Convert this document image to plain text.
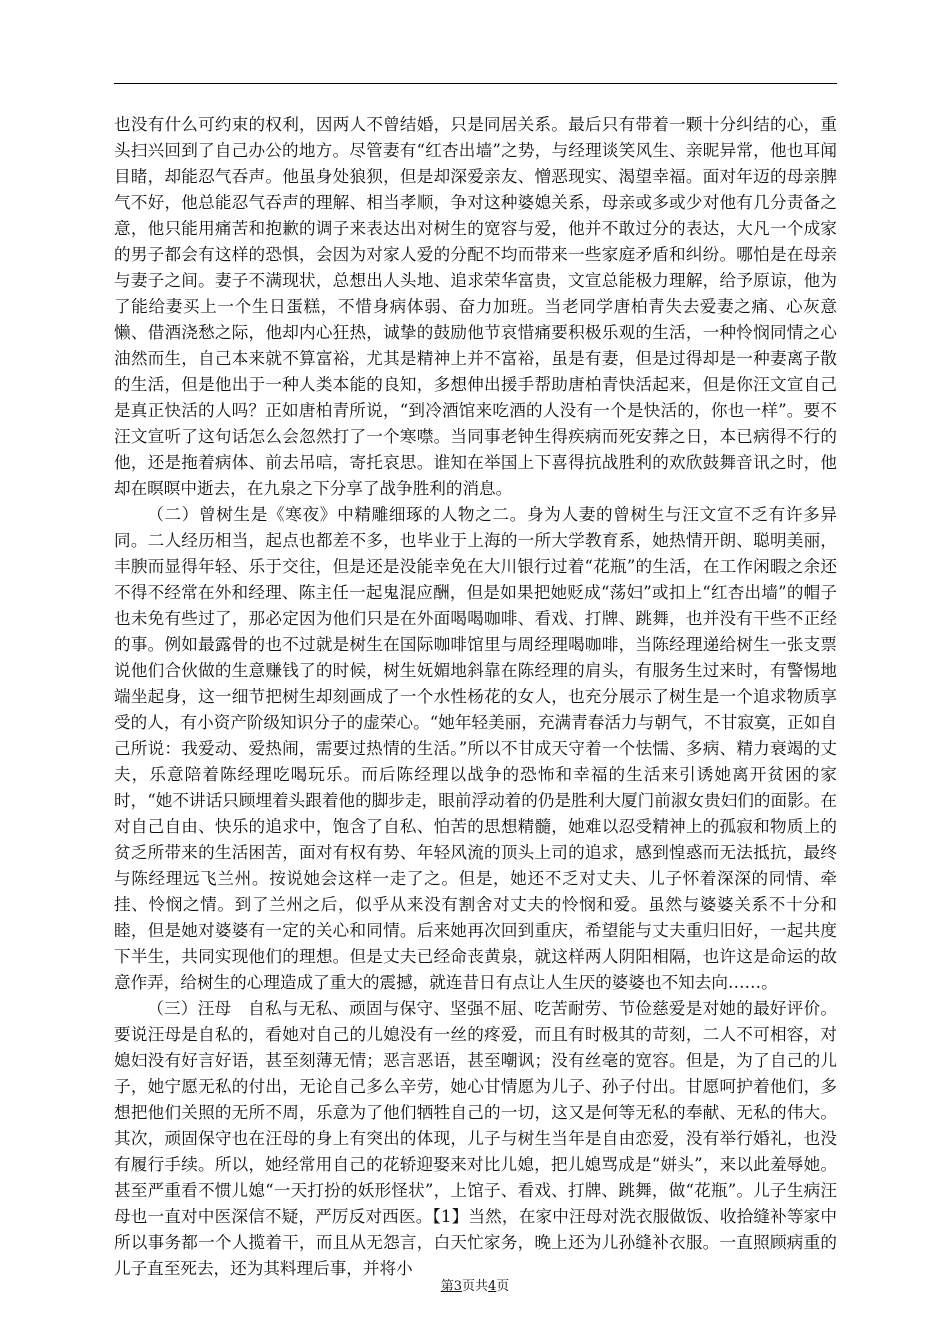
也没有什么可约束的权利，因两人不曾结婚，只是同居关系。最后只有带着一颗十分纠结的心，重头扫兴回到了自己办公的地方。尽管妻有“红杏出墙”之势，与经理谈笑风生、亲昵异常，他也耳闻目睹，却能忍气吞声。他虽身处狼狈，但是却深爱亲友、憎恶现实、渴望幸福。面对年迈的母亲脾气不好，他总能忍气吞声的理解、相当孝顺，争对这种婆媳关系，母亲或多或少对他有几分责备之意，他只能用痛苦和抱歉的调子来表达出对树生的宽容与爱，他并不敢过分的表达，大凡一个成家的男子都会有这样的恐惧，会因为对家人爱的分配不均而带来一些家庭矛盾和纠纷。哪怕是在母亲与妻子之间。妻子不满现状，总想出人头地、追求荣华富贵，文宣总能极力理解，给予原谅，他为了能给妻买上一个生日蛋糕，不惜身病体弱、奋力加班。当老同学唐柏青失去爱妻之痛、心灰意懒、借酒浇愁之际，他却内心狂热，诚挚的鼓励他节哀惜痛要积极乐观的生活，一种怜悯同情之心油然而生，自己本来就不算富裕，尤其是精神上并不富裕，虽是有妻，但是过得却是一种妻离子散的生活，但是他出于一种人类本能的良知，多想伸出援手帮助唐柏青快活起来，但是你汪文宣自己是真正快活的人吗？正如唐柏青所说，“到冷酒馆来吃酒的人没有一个是快活的，你也一样”。要不汪文宣听了这句话怎么会忽然打了一个寒噤。当同事老钟生得疾病而死安葬之日，本已病得不行的他，还是拖着病体、前去吊唁，寄托哀思。谁知在举国上下喜得抗战胜利的欢欣鼓舞音讯之时，他却在暝暝中逝去，在九泉之下分享了战争胜利的消息。

（二）曾树生是《寒夜》中精雕细琢的人物之二。身为人妻的曾树生与汪文宣不乏有许多异同。二人经历相当，起点也都差不多，也毕业于上海的一所大学教育系，她热情开朗、聪明美丽，丰腴而显得年轻、乐于交往，但是还是没能幸免在大川银行过着“花瓶”的生活，在工作闲暇之余还不得不经常在外和经理、陈主任一起鬼混应酬，但是如果把她贬成“荡妇”或扣上“红杏出墙”的帽子也未免有些过了，那必定因为他们只是在外面喝喝咖啡、看戏、打牌、跳舞，也并没有干些不正经的事。例如最露骨的也不过就是树生在国际咖啡馆里与周经理喝咖啡，当陈经理递给树生一张支票说他们合伙做的生意赚钱了的时候，树生妩媚地斜靠在陈经理的肩头，有服务生过来时，有警惕地端坐起身，这一细节把树生却刻画成了一个水性杨花的女人，也充分展示了树生是一个追求物质享受的人，有小资产阶级知识分子的虚荣心。“她年轻美丽，充满青春活力与朝气，不甘寂寞，正如自己所说：我爱动、爱热闹，需要过热情的生活。”所以不甘成天守着一个怯懦、多病、精力衰竭的丈夫，乐意陪着陈经理吃喝玩乐。而后陈经理以战争的恐怖和幸福的生活来引诱她离开贫困的家时，“她不讲话只顾埋着头跟着他的脚步走，眼前浮动着的仍是胜利大厦门前淑女贵妇们的面影。在对自己自由、快乐的追求中，饱含了自私、怕苦的思想精髓，她难以忍受精神上的孤寂和物质上的贫乏所带来的生活困苦，面对有权有势、年轻风流的顶头上司的追求，感到惶惑而无法抵抗，最终与陈经理远飞兰州。按说她会这样一走了之。但是，她还不乏对丈夫、儿子怀着深深的同情、牵挂、怜悯之情。到了兰州之后，似乎从来没有割舍对丈夫的怜悯和爱。虽然与婆婆关系不十分和睦，但是她对婆婆有一定的关心和同情。后来她再次回到重庆，希望能与丈夫重归旧好，一起共度下半生，共同实现他们的理想。但是丈夫已经命丧黄泉，就这样两人阴阳相隔，也许这是命运的故意作弄，给树生的心理造成了重大的震撼，就连昔日有点让人生厌的婆婆也不知去向……。

（三）汪母　自私与无私、顽固与保守、坚强不屈、吃苦耐劳、节俭慈爱是对她的最好评价。要说汪母是自私的，看她对自己的儿媳没有一丝的疼爱，而且有时极其的苛刻，二人不可相容，对媳妇没有好言好语，甚至刻薄无情；恶言恶语，甚至嘲讽；没有丝毫的宽容。但是，为了自己的儿子，她宁愿无私的付出，无论自己多么辛劳，她心甘情愿为儿子、孙子付出。甘愿呵护着他们，多想把他们关照的无所不周，乐意为了他们牺牲自己的一切，这又是何等无私的奉献、无私的伟大。其次，顽固保守也在汪母的身上有突出的体现，儿子与树生当年是自由恋爱，没有举行婚礼，也没有履行手续。所以，她经常用自己的花轿迎娶来对比儿媳，把儿媳骂成是“姘头”，来以此羞辱她。甚至严重看不惯儿媳“一天打扮的妖形怪状”，上馆子、看戏、打牌、跳舞，做“花瓶”。儿子生病汪母也一直对中医深信不疑，严厉反对西医。【1】当然，在家中汪母对洗衣服做饭、收拾缝补等家中所以事务都一个人揽着干，而且从无怨言，白天忙家务，晚上还为儿孙缝补衣服。一直照顾病重的儿子直至死去，还为其料理后事，并将小

第3页共4页
